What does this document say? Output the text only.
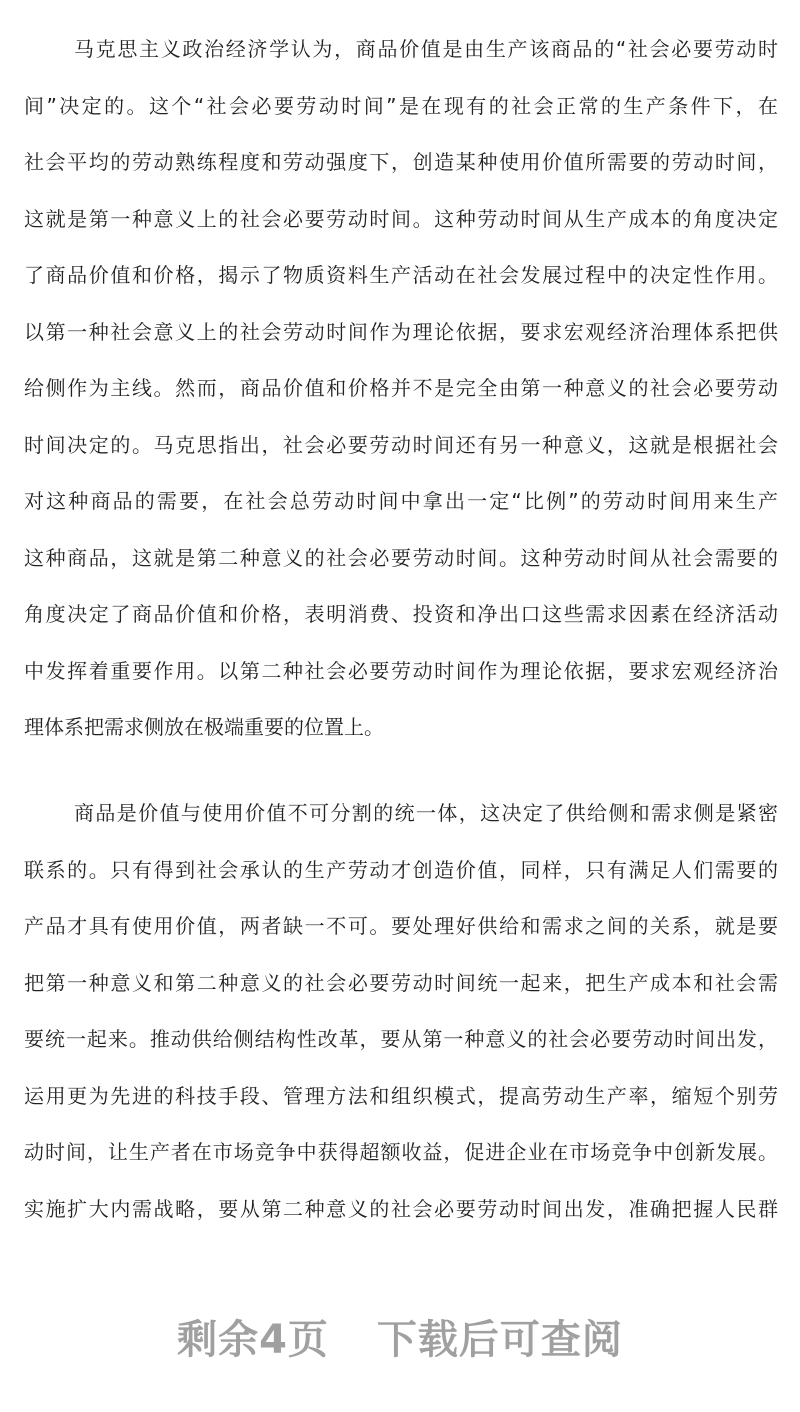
马克思主义政治经济学认为，商品价值是由生产该商品的“社会必要劳动时
间”决定的。这个“社会必要劳动时间”是在现有的社会正常的生产条件下，在
社会平均的劳动熟练程度和劳动强度下，创造某种使用价值所需要的劳动时间，
这就是第一种意义上的社会必要劳动时间。这种劳动时间从生产成本的角度决定
了商品价值和价格，揭示了物质资料生产活动在社会发展过程中的决定性作用。
以第一种社会意义上的社会劳动时间作为理论依据，要求宏观经济治理体系把供
给侧作为主线。然而，商品价值和价格并不是完全由第一种意义的社会必要劳动
时间决定的。马克思指出，社会必要劳动时间还有另一种意义，这就是根据社会
对这种商品的需要，在社会总劳动时间中拿出一定“比例”的劳动时间用来生产
这种商品，这就是第二种意义的社会必要劳动时间。这种劳动时间从社会需要的
角度决定了商品价值和价格，表明消费、投资和净出口这些需求因素在经济活动
中发挥着重要作用。以第二种社会必要劳动时间作为理论依据，要求宏观经济治
理体系把需求侧放在极端重要的位置上。
商品是价值与使用价值不可分割的统一体，这决定了供给侧和需求侧是紧密
联系的。只有得到社会承认的生产劳动才创造价值，同样，只有满足人们需要的
产品才具有使用价值，两者缺一不可。要处理好供给和需求之间的关系，就是要
把第一种意义和第二种意义的社会必要劳动时间统一起来，把生产成本和社会需
要统一起来。推动供给侧结构性改革，要从第一种意义的社会必要劳动时间出发，
运用更为先进的科技手段、管理方法和组织模式，提高劳动生产率，缩短个别劳
动时间，让生产者在市场竞争中获得超额收益，促进企业在市场竞争中创新发展。
实施扩大内需战略，要从第二种意义的社会必要劳动时间出发，准确把握人民群
剩余4页 下载后可查阅
